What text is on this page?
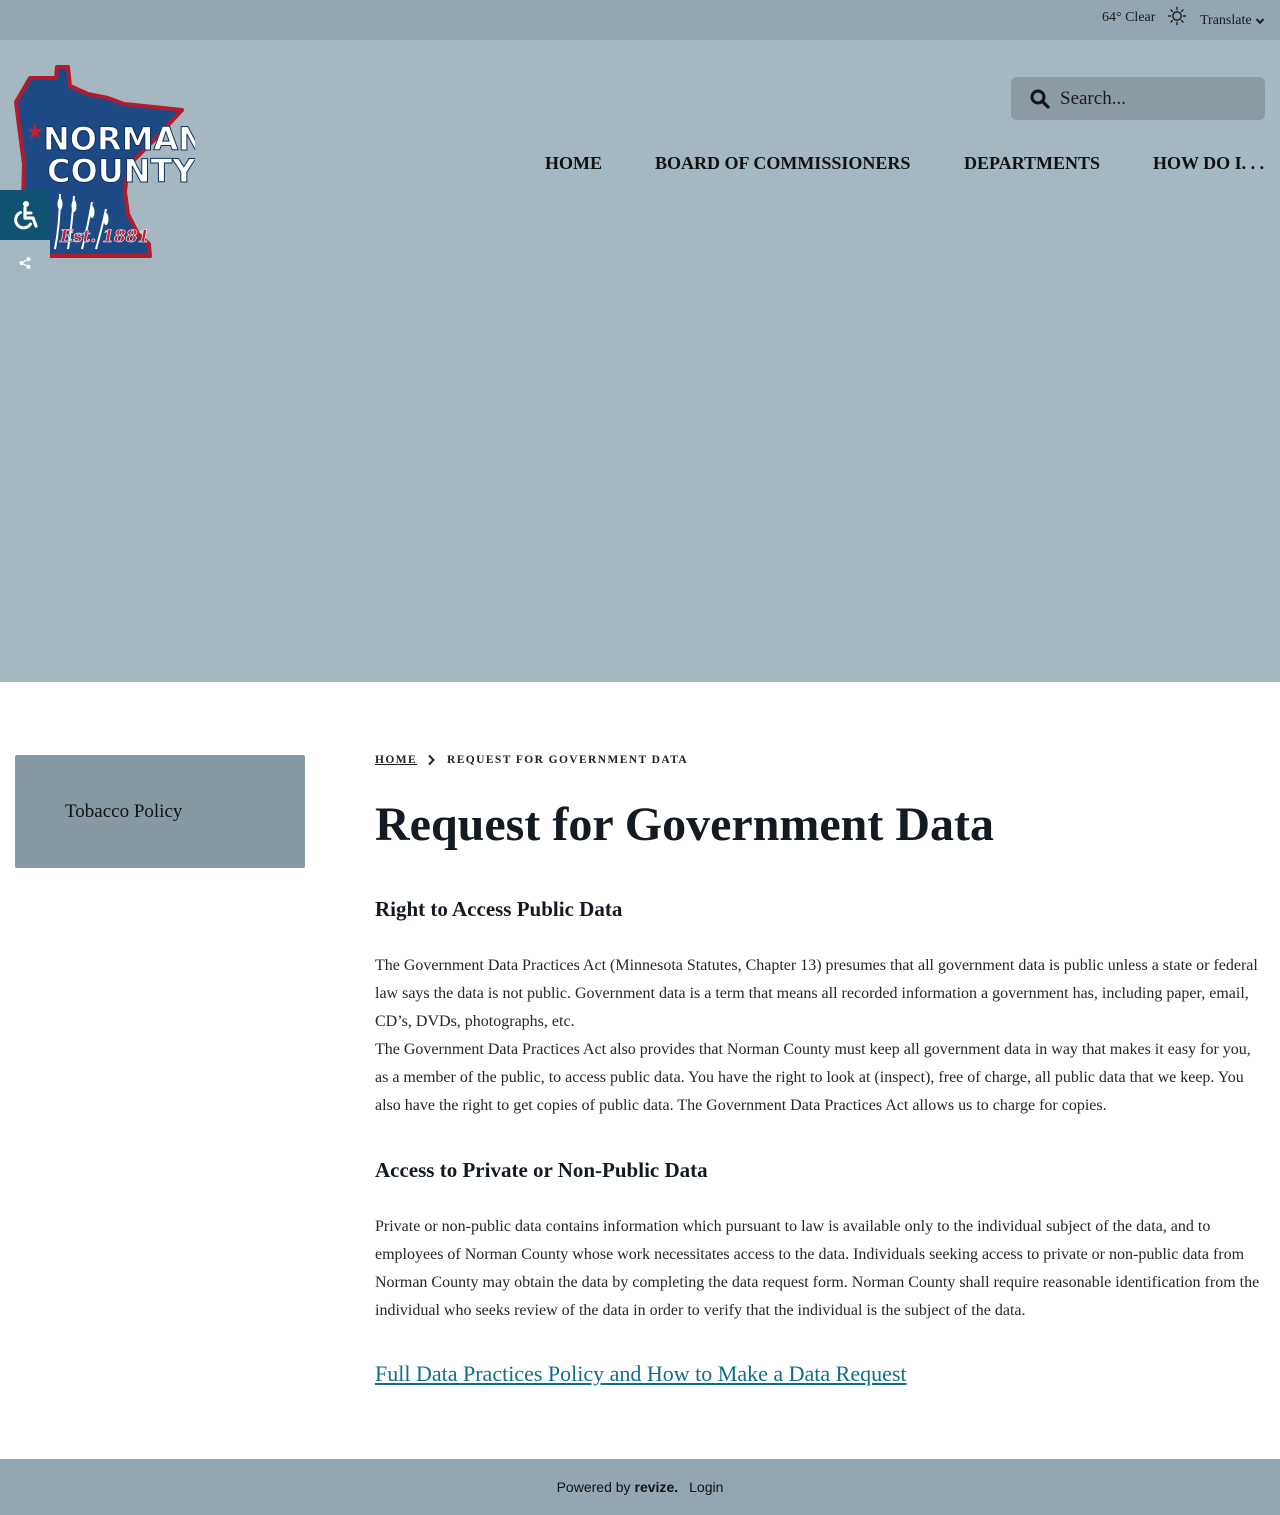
64° Clear	Translate
NORMAN
COUNTY
Est. 1881
Search...
HOME	BOARD OF COMMISSIONERS	DEPARTMENTS	HOW DO I. . .
Tobacco Policy
HOME	REQUEST FOR GOVERNMENT DATA
Request for Government Data
Right to Access Public Data

The Government Data Practices Act (Minnesota Statutes, Chapter 13) presumes that all government data is public unless a state or federal law says the data is not public. Government data is a term that means all recorded information a government has, including paper, email, CD’s, DVDs, photographs, etc.

The Government Data Practices Act also provides that Norman County must keep all government data in way that makes it easy for you, as a member of the public, to access public data. You have the right to look at (inspect), free of charge, all public data that we keep. You also have the right to get copies of public data. The Government Data Practices Act allows us to charge for copies.

Access to Private or Non-Public Data

Private or non-public data contains information which pursuant to law is available only to the individual subject of the data, and to employees of Norman County whose work necessitates access to the data. Individuals seeking access to private or non-public data from Norman County may obtain the data by completing the data request form. Norman County shall require reasonable identification from the individual who seeks review of the data in order to verify that the individual is the subject of the data.

Full Data Practices Policy and How to Make a Data Request
Powered by revize. Login
